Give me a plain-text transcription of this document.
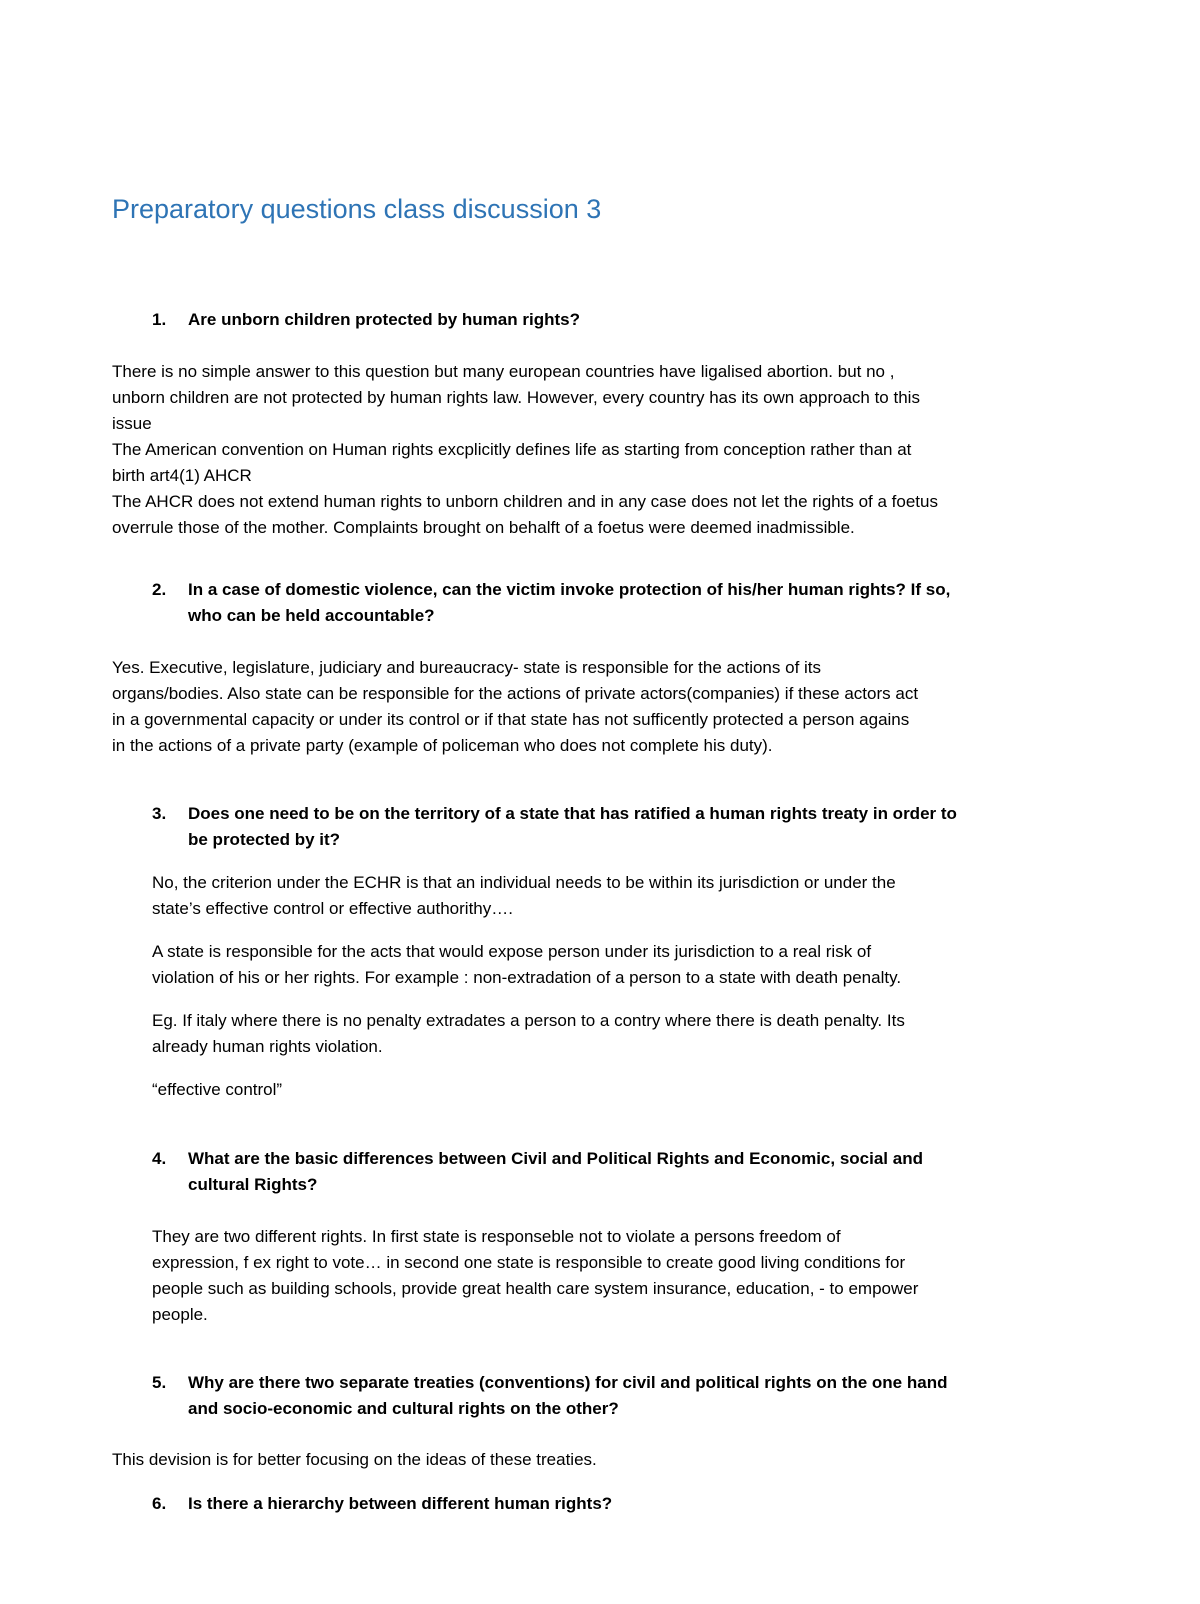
Preparatory questions class discussion 3
1.	Are unborn children protected by human rights?
There is no simple answer to this question but many european countries have ligalised abortion. but no ,
unborn children are not protected by human rights law. However, every country has its own approach to this
issue
The American convention on Human rights excplicitly defines life as starting from conception rather than at
birth art4(1) AHCR
The AHCR does not extend human rights to unborn children and in any case does not let the rights of a foetus
overrule those of the mother. Complaints brought on behalft of a foetus were deemed inadmissible.
2.	In a case of domestic violence, can the victim invoke protection of his/her human rights? If so,
who can be held accountable?
Yes. Executive, legislature, judiciary and bureaucracy- state is responsible for the actions of its
organs/bodies. Also state can be responsible for the actions of private actors(companies) if these actors act
in a governmental capacity or under its control or if that state has not sufficently protected a person agains
in the actions of a private party (example of policeman who does not complete his duty).
3.	Does one need to be on the territory of a state that has ratified a human rights treaty in order to
be protected by it?
No, the criterion under the ECHR is that an individual needs to be within its jurisdiction or under the
state’s effective control or effective authorithy….
A state is responsible for the acts that would expose person under its jurisdiction to a real risk of
violation of his or her rights. For example : non-extradation of a person to a state with death penalty.
Eg. If italy where there is no penalty extradates a person to a contry where there is death penalty. Its
already human rights violation.
“effective control”
4.	What are the basic differences between Civil and Political Rights and Economic, social and
cultural Rights?
They are two different rights. In first state is responseble not to violate a persons freedom of
expression, f ex right to vote… in second one state is responsible to create good living conditions for
people such as building schools, provide great health care system insurance, education, - to empower
people.
5.	Why are there two separate treaties (conventions) for civil and political rights on the one hand
and socio-economic and cultural rights on the other?
This devision is for better focusing on the ideas of these treaties.
6.	Is there a hierarchy between different human rights?
